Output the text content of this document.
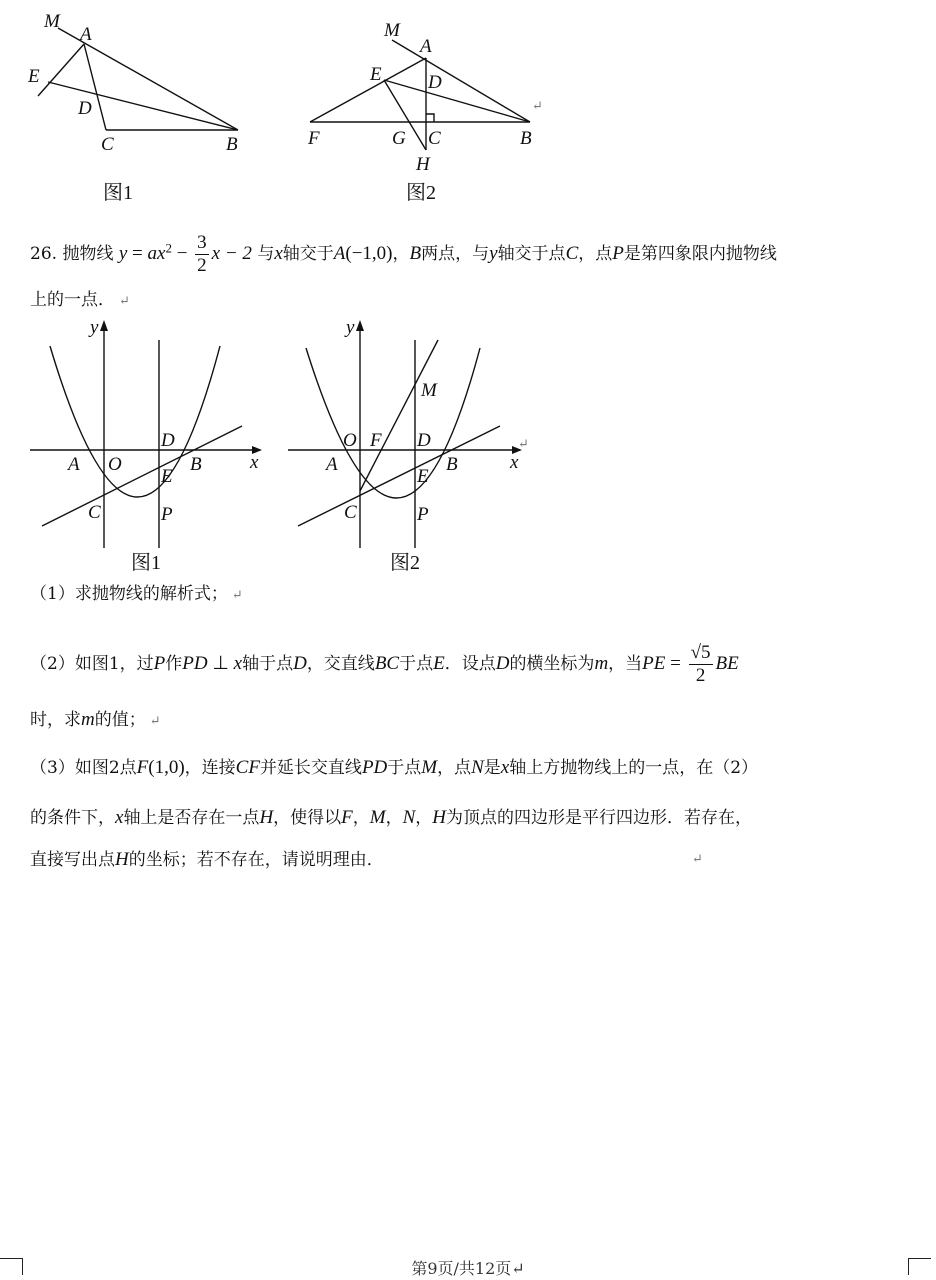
M
A
E
D
C	B
图1
M
A
E D
F	G C	B
H
图2
↵
26. 抛物线 $y = ax^2 - \frac{3}{2}$ x − 2 与x轴交于A(−1,0)，B两点，与y轴交于点C，点P是第四象限内抛物线
上的一点． ↵
y
x
A O	B
C
D
E
P
图1
y
x
M
O F D
A	B
C
E
P
图2
↵
（1）求抛物线的解析式； ↵
（2）如图1，过P作PD ⊥ x轴于点D，交直线BC于点E．设点D的横坐标为m，当PE = $\frac{√5}{2}$ BE
时，求m的值； ↵
（3）如图2点F(1,0)，连接CF并延长交直线PD于点M，点N是x轴上方抛物线上的一点，在（2）
的条件下，x轴上是否存在一点H，使得以F，M，N，H为顶点的四边形是平行四边形．若存在，
直接写出点H的坐标；若不存在，请说明理由．	↵
第9页/共12页↵
